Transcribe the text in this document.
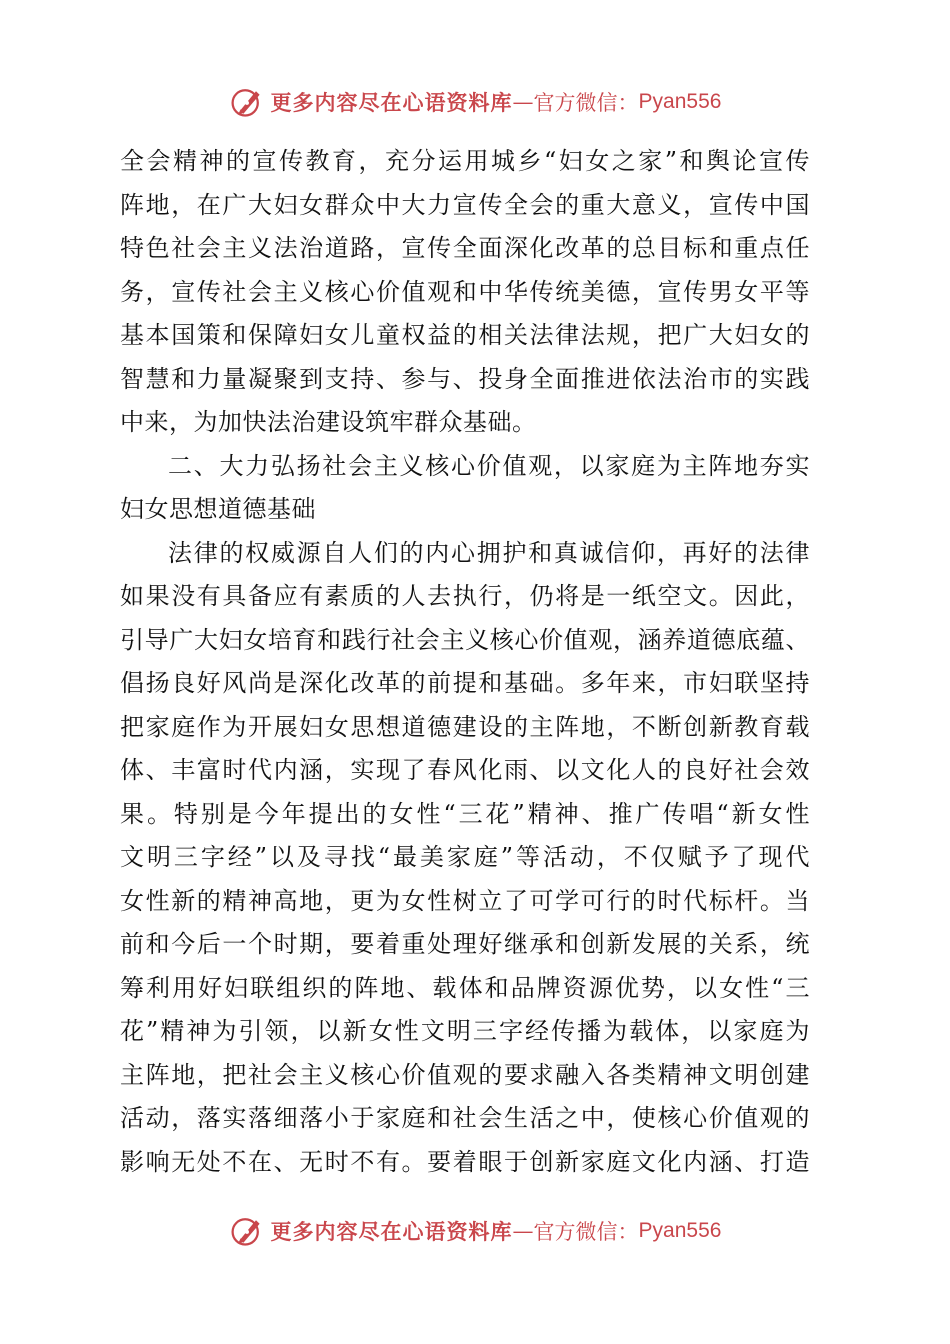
更多内容尽在心语资料库 — 官方微信： Pyan556
全会精神的宣传教育，充分运用城乡“妇女之家”和舆论宣传
阵地，在广大妇女群众中大力宣传全会的重大意义，宣传中国
特色社会主义法治道路，宣传全面深化改革的总目标和重点任
务，宣传社会主义核心价值观和中华传统美德，宣传男女平等
基本国策和保障妇女儿童权益的相关法律法规，把广大妇女的
智慧和力量凝聚到支持、参与、投身全面推进依法治市的实践
中来，为加快法治建设筑牢群众基础。
二、大力弘扬社会主义核心价值观，以家庭为主阵地夯实
妇女思想道德基础
法律的权威源自人们的内心拥护和真诚信仰，再好的法律
如果没有具备应有素质的人去执行，仍将是一纸空文。因此，
引导广大妇女培育和践行社会主义核心价值观，涵养道德底蕴、
倡扬良好风尚是深化改革的前提和基础。多年来，市妇联坚持
把家庭作为开展妇女思想道德建设的主阵地，不断创新教育载
体、丰富时代内涵，实现了春风化雨、以文化人的良好社会效
果。特别是今年提出的女性“三花”精神、推广传唱“新女性
文明三字经”以及寻找“最美家庭”等活动，不仅赋予了现代
女性新的精神高地，更为女性树立了可学可行的时代标杆。当
前和今后一个时期，要着重处理好继承和创新发展的关系，统
筹利用好妇联组织的阵地、载体和品牌资源优势，以女性“三
花”精神为引领，以新女性文明三字经传播为载体，以家庭为
主阵地，把社会主义核心价值观的要求融入各类精神文明创建
活动，落实落细落小于家庭和社会生活之中，使核心价值观的
影响无处不在、无时不有。要着眼于创新家庭文化内涵、打造
更多内容尽在心语资料库 — 官方微信： Pyan556
